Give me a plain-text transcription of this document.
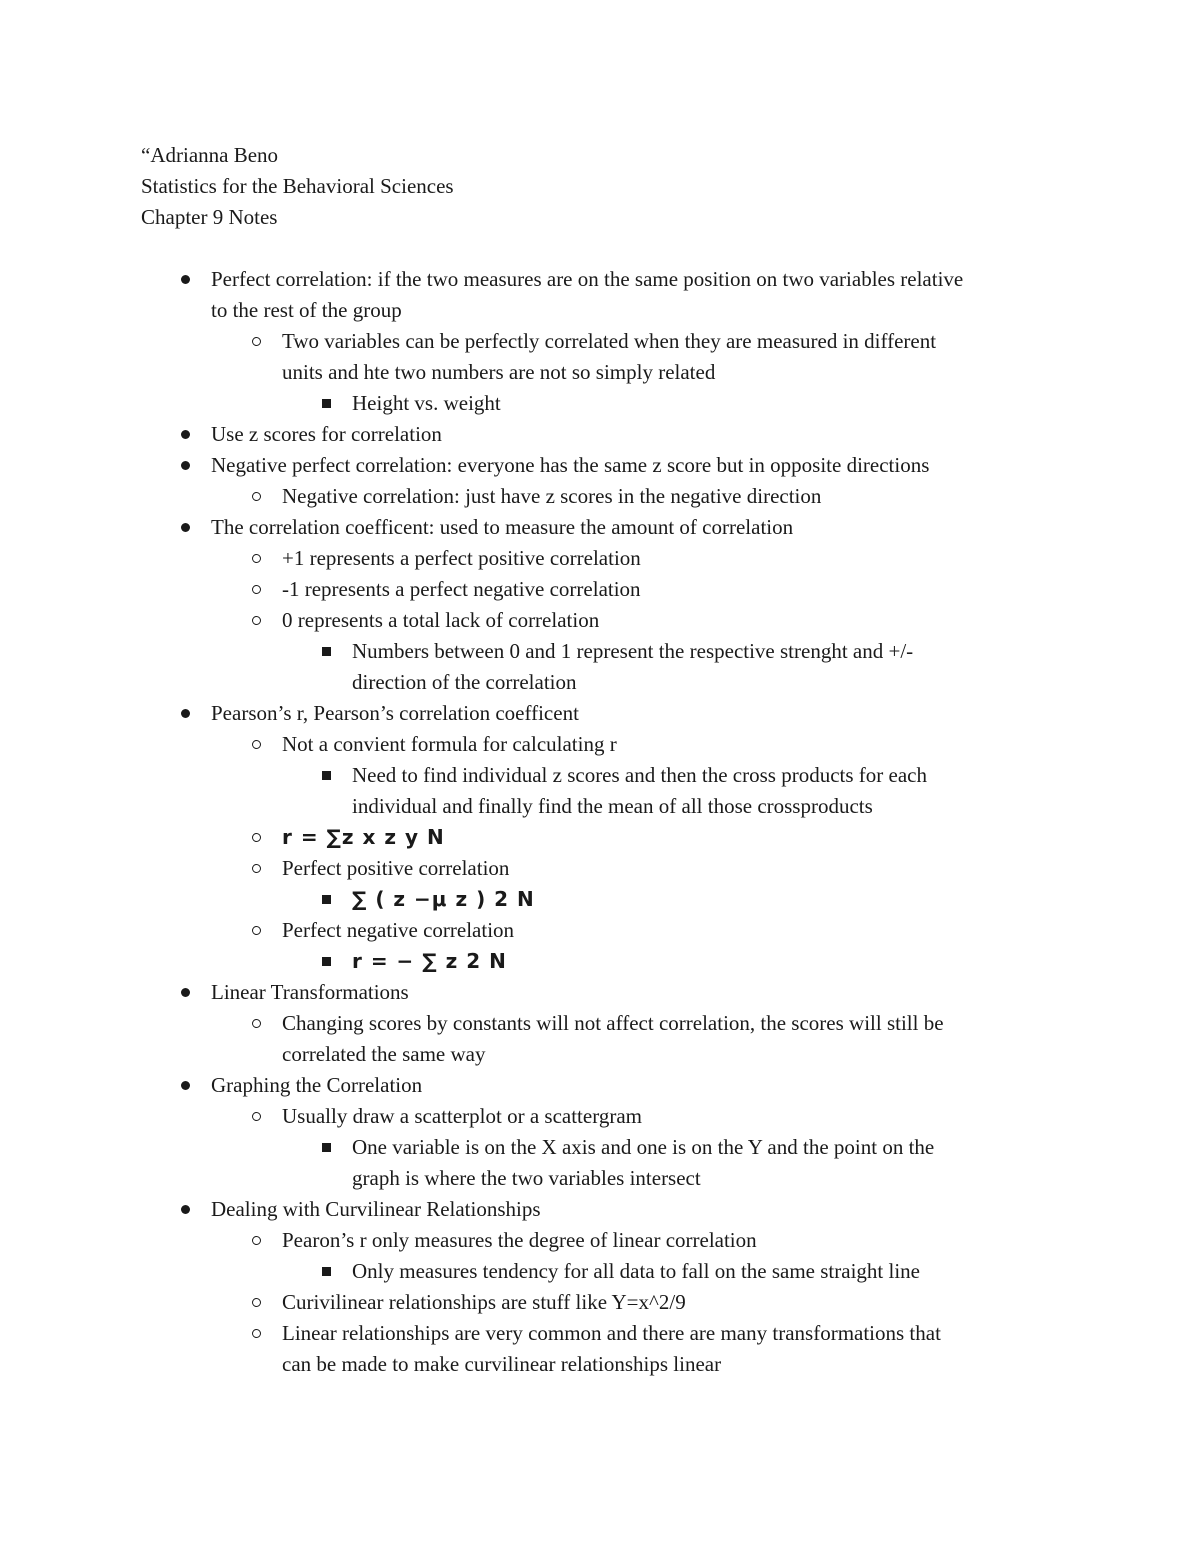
“Adrianna Beno
Statistics for the Behavioral Sciences
Chapter 9 Notes
Perfect correlation: if the two measures are on the same position on two variables relative
to the rest of the group
Two variables can be perfectly correlated when they are measured in different
units and hte two numbers are not so simply related
Height vs. weight
Use z scores for correlation
Negative perfect correlation: everyone has the same z score but in opposite directions
Negative correlation: just have z scores in the negative direction
The correlation coefficent: used to measure the amount of correlation
+1 represents a perfect positive correlation
-1 represents a perfect negative correlation
0 represents a total lack of correlation
Numbers between 0 and 1 represent the respective strenght and +/-
direction of the correlation
Pearson’s r, Pearson’s correlation coefficent
Not a convient formula for calculating r
Need to find individual z scores and then the cross products for each
individual and finally find the mean of all those crossproducts
r = ∑z x z y N
Perfect positive correlation
∑ ( z −μ z ) 2 N
Perfect negative correlation
r = − ∑ z 2 N
Linear Transformations
Changing scores by constants will not affect correlation, the scores will still be
correlated the same way
Graphing the Correlation
Usually draw a scatterplot or a scattergram
One variable is on the X axis and one is on the Y and the point on the
graph is where the two variables intersect
Dealing with Curvilinear Relationships
Pearon’s r only measures the degree of linear correlation
Only measures tendency for all data to fall on the same straight line
Curivilinear relationships are stuff like Y=x^2/9
Linear relationships are very common and there are many transformations that
can be made to make curvilinear relationships linear
